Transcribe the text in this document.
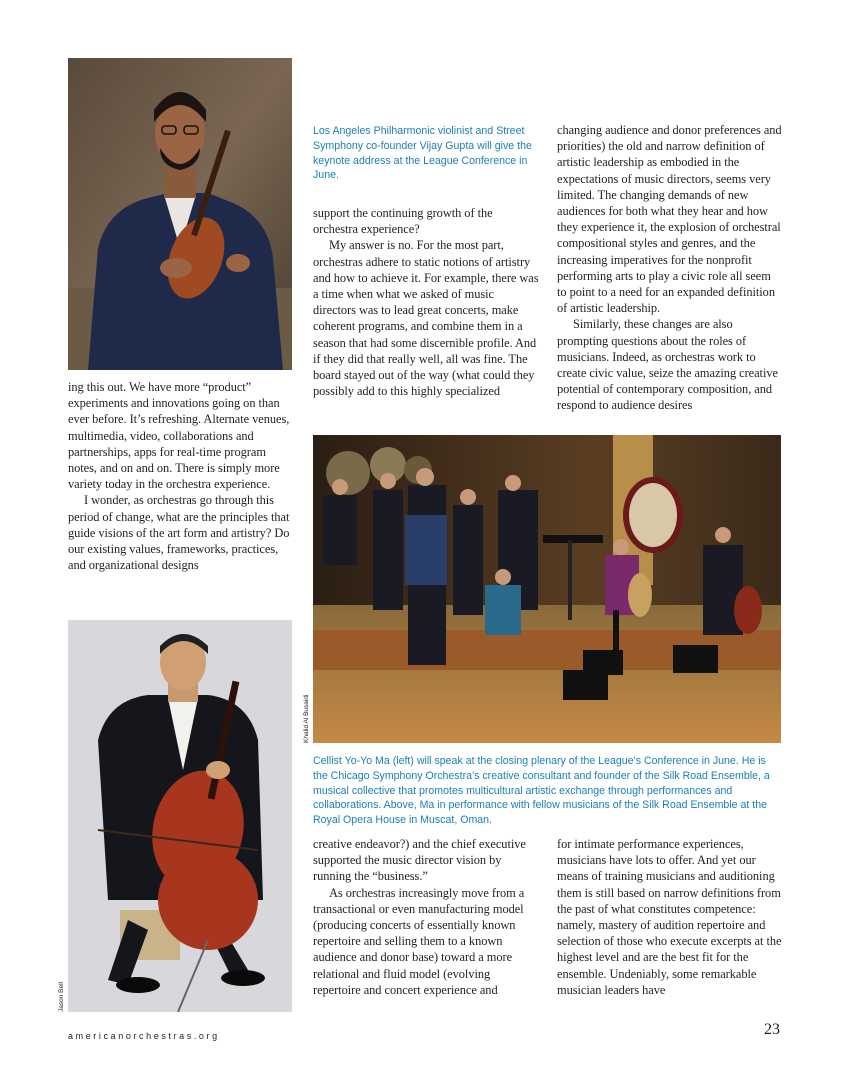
Los Angeles Philharmonic violinist and Street Symphony co-founder Vijay Gupta will give the keynote address at the League Conference in June.

ing this out. We have more “product” experiments and innovations going on than ever before. It’s refreshing. Alternate venues, multimedia, video, collaborations and partnerships, apps for real-time program notes, and on and on. There is simply more variety today in the orchestra experience.

I wonder, as orchestras go through this period of change, what are the principles that guide visions of the art form and artistry? Do our existing values, frameworks, practices, and organizational designs

support the continuing growth of the orchestra experience?

My answer is no. For the most part, orchestras adhere to static notions of artistry and how to achieve it. For example, there was a time when what we asked of music directors was to lead great concerts, make coherent programs, and combine them in a season that had some discernible profile. And if they did that really well, all was fine. The board stayed out of the way (what could they possibly add to this highly specialized

changing audience and donor preferences and priorities) the old and narrow definition of artistic leadership as embodied in the expectations of music directors, seems very limited. The changing demands of new audiences for both what they hear and how they experience it, the explosion of orchestral compositional styles and genres, and the increasing imperatives for the nonprofit performing arts to play a civic role all seem to point to a need for an expanded definition of artistic leadership.

Similarly, these changes are also prompting questions about the roles of musicians. Indeed, as orchestras work to create civic value, seize the amazing creative potential of contemporary composition, and respond to audience desires

Khalid Al Busaidi

Cellist Yo-Yo Ma (left) will speak at the closing plenary of the League’s Conference in June. He is the Chicago Symphony Orchestra’s creative consultant and founder of the Silk Road Ensemble, a musical collective that promotes multicultural artistic exchange through performances and collaborations. Above, Ma in performance with fellow musicians of the Silk Road Ensemble at the Royal Opera House in Muscat, Oman.

Jason Bell

creative endeavor?) and the chief executive supported the music director vision by running the “business.”

As orchestras increasingly move from a transactional or even manufacturing model (producing concerts of essentially known repertoire and selling them to a known audience and donor base) toward a more relational and fluid model (evolving repertoire and concert experience and

for intimate performance experiences, musicians have lots to offer. And yet our means of training musicians and auditioning them is still based on narrow definitions from the past of what constitutes competence: namely, mastery of audition repertoire and selection of those who execute excerpts at the highest level and are the best fit for the ensemble. Undeniably, some remarkable musician leaders have

americanorchestras.org	23
